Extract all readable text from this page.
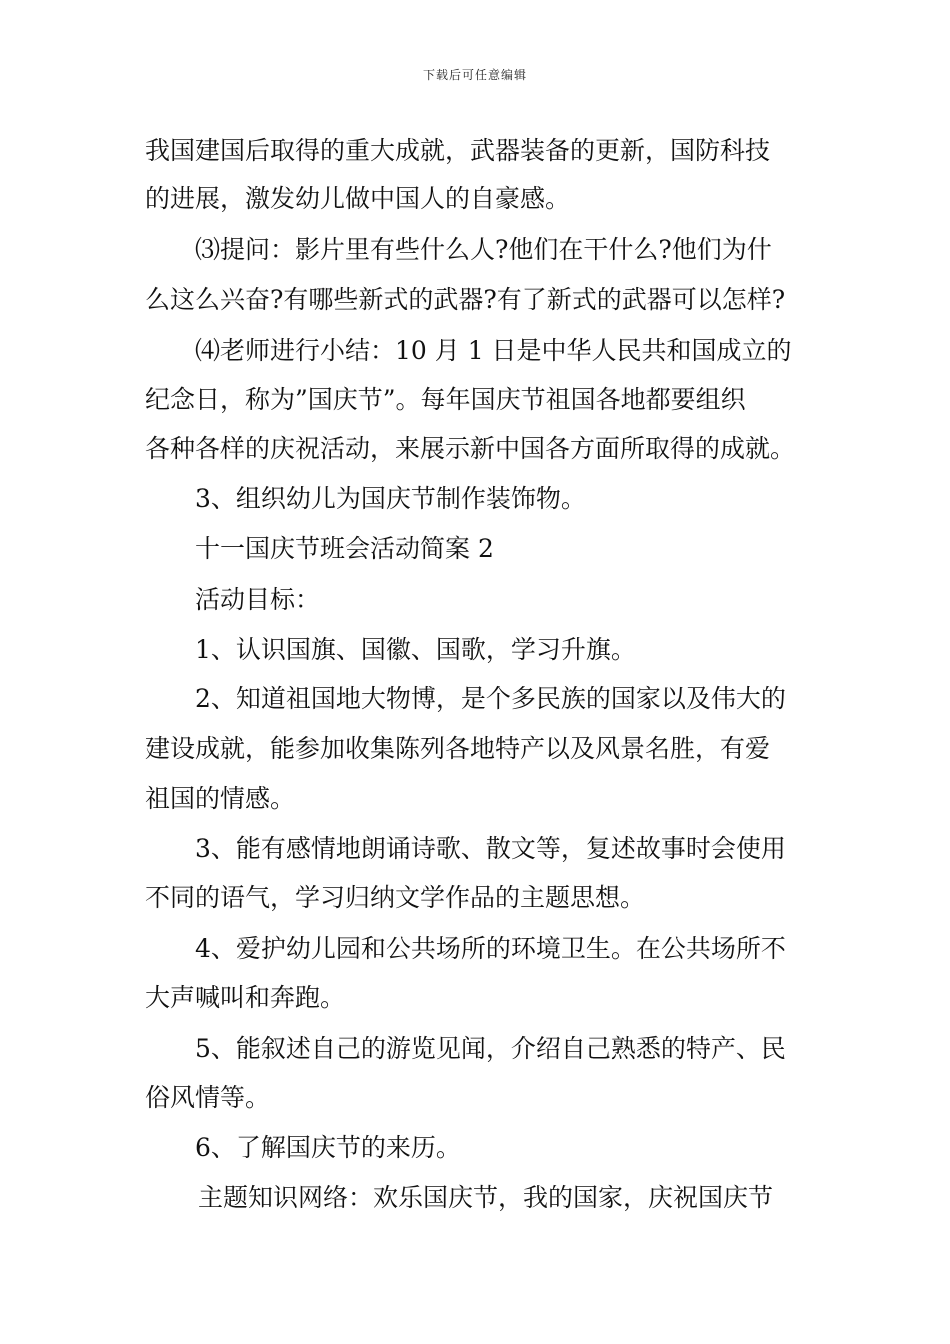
下载后可任意编辑
我国建国后取得的重大成就，武器装备的更新，国防科技
的进展，激发幼儿做中国人的自豪感。
⑶提问：影片里有些什么人?他们在干什么?他们为什
么这么兴奋?有哪些新式的武器?有了新式的武器可以怎样?
⑷老师进行小结：10 月 1 日是中华人民共和国成立的
纪念日，称为”国庆节”。每年国庆节祖国各地都要组织
各种各样的庆祝活动，来展示新中国各方面所取得的成就。
3、组织幼儿为国庆节制作装饰物。
十一国庆节班会活动简案 2
活动目标：
1、认识国旗、国徽、国歌，学习升旗。
2、知道祖国地大物博，是个多民族的国家以及伟大的
建设成就，能参加收集陈列各地特产以及风景名胜，有爱
祖国的情感。
3、能有感情地朗诵诗歌、散文等，复述故事时会使用
不同的语气，学习归纳文学作品的主题思想。
4、爱护幼儿园和公共场所的环境卫生。在公共场所不
大声喊叫和奔跑。
5、能叙述自己的游览见闻，介绍自己熟悉的特产、民
俗风情等。
6、了解国庆节的来历。
主题知识网络：欢乐国庆节，我的国家，庆祝国庆节
